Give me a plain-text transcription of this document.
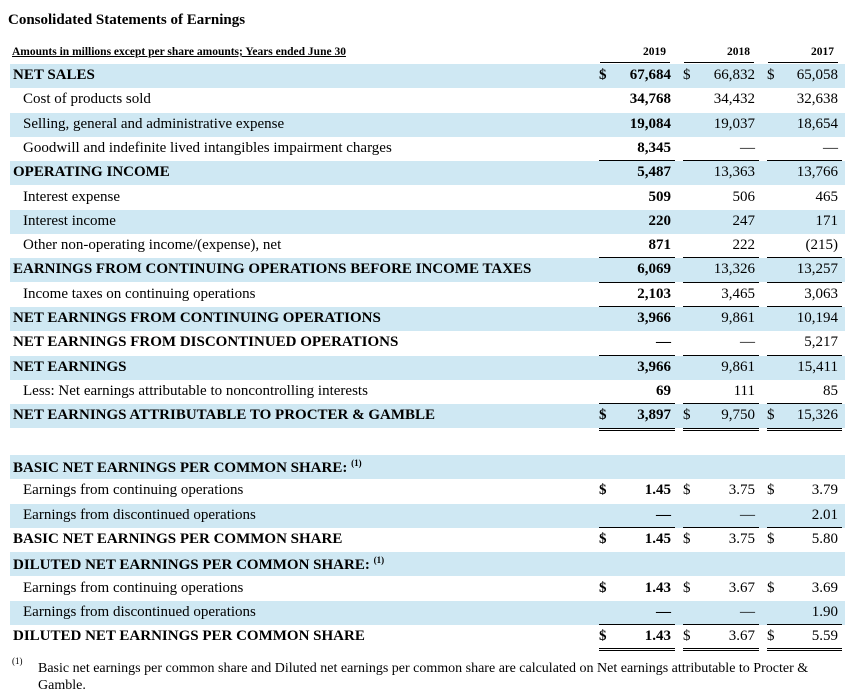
Consolidated Statements of Earnings
Amounts in millions except per share amounts; Years ended June 30	2019	2018	2017
NET SALES	$	67,684 $	66,832 $	65,058
Cost of products sold	34,768	34,432	32,638
Selling, general and administrative expense	19,084	19,037	18,654
Goodwill and indefinite lived intangibles impairment charges	8,345	—	—
OPERATING INCOME	5,487	13,363	13,766
Interest expense	509	506	465
Interest income	220	247	171
Other non-operating income/(expense), net	871	222	(215)
EARNINGS FROM CONTINUING OPERATIONS BEFORE INCOME TAXES	6,069	13,326	13,257
Income taxes on continuing operations	2,103	3,465	3,063
NET EARNINGS FROM CONTINUING OPERATIONS	3,966	9,861	10,194
NET EARNINGS FROM DISCONTINUED OPERATIONS	—	—	5,217
NET EARNINGS	3,966	9,861	15,411
Less: Net earnings attributable to noncontrolling interests	69	111	85
NET EARNINGS ATTRIBUTABLE TO PROCTER & GAMBLE	$	3,897 $	9,750 $	15,326
BASIC NET EARNINGS PER COMMON SHARE: $^{(1)}$
Earnings from continuing operations	$	1.45 $	3.75 $	3.79
Earnings from discontinued operations	—	—	2.01
BASIC NET EARNINGS PER COMMON SHARE	$	1.45 $	3.75 $	5.80
DILUTED NET EARNINGS PER COMMON SHARE: $^{(1)}$
Earnings from continuing operations	$	1.43 $	3.67 $	3.69
Earnings from discontinued operations	—	—	1.90
DILUTED NET EARNINGS PER COMMON SHARE	$	1.43 $	3.67 $	5.59
(1) Basic net earnings per common share and Diluted net earnings per common share are calculated on Net earnings attributable to Procter & Gamble.
